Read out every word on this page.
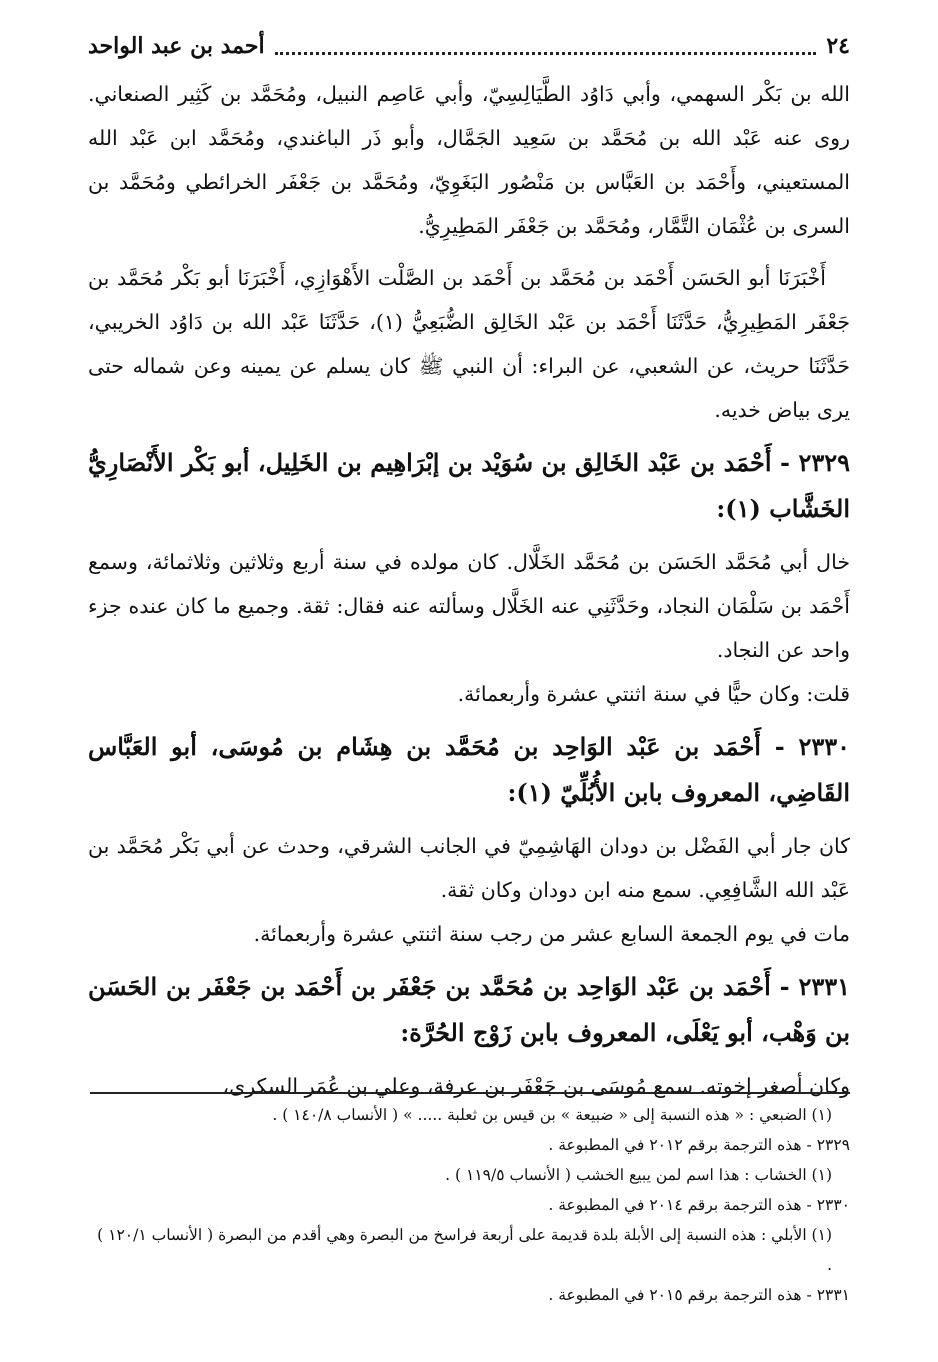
٢٤
أحمد بن عبد الواحد

الله بن بَكْر السهمي، وأبي دَاوُد الطَّيَالِسِيّ، وأبي عَاصِم النبيل، ومُحَمَّد بن كَثِير الصنعاني. روى عنه عَبْد الله بن مُحَمَّد بن سَعِيد الجَمَّال، وأبو ذَر الباغندي، ومُحَمَّد ابن عَبْد الله المستعيني، وأَحْمَد بن العَبَّاس بن مَنْصُور البَغَوِيّ، ومُحَمَّد بن جَعْفَر الخرائطي ومُحَمَّد بن السرى بن عُثْمَان التَّمَّار، ومُحَمَّد بن جَعْفَر المَطِيرِيُّ.

أَخْبَرَنَا أبو الحَسَن أَحْمَد بن مُحَمَّد بن أَحْمَد بن الصَّلْت الأَهْوَازِي، أَخْبَرَنَا أبو بَكْر مُحَمَّد بن جَعْفَر المَطِيرِيُّ، حَدَّثَنَا أَحْمَد بن عَبْد الخَالِق الضُّبَعِيُّ (١)، حَدَّثَنَا عَبْد الله بن دَاوُد الخريبي، حَدَّثَنَا حريث، عن الشعبي، عن البراء: أن النبي ﷺ كان يسلم عن يمينه وعن شماله حتى يرى بياض خديه.

٢٣٢٩ - أَحْمَد بن عَبْد الخَالِق بن سُوَيْد بن إبْرَاهِيم بن الخَلِيل، أبو بَكْر الأَنْصَارِيُّ الخَشَّاب (١):

خال أبي مُحَمَّد الحَسَن بن مُحَمَّد الخَلَّال. كان مولده في سنة أربع وثلاثين وثلاثمائة، وسمع أَحْمَد بن سَلْمَان النجاد، وحَدَّثَنِي عنه الخَلَّال وسألته عنه فقال: ثقة. وجميع ما كان عنده جزء واحد عن النجاد.

قلت: وكان حيًّا في سنة اثنتي عشرة وأربعمائة.

٢٣٣٠ - أَحْمَد بن عَبْد الوَاحِد بن مُحَمَّد بن هِشَام بن مُوسَى، أبو العَبَّاس القَاضِي، المعروف بابن الأُبُلِّيّ (١):

كان جار أبي الفَضْل بن دودان الهَاشِمِيّ في الجانب الشرقي، وحدث عن أبي بَكْر مُحَمَّد بن عَبْد الله الشَّافِعِي. سمع منه ابن دودان وكان ثقة.

مات في يوم الجمعة السابع عشر من رجب سنة اثنتي عشرة وأربعمائة.

٢٣٣١ - أَحْمَد بن عَبْد الوَاحِد بن مُحَمَّد بن جَعْفَر بن أَحْمَد بن جَعْفَر بن الحَسَن بن وَهْب، أبو يَعْلَى، المعروف بابن زَوْج الحُرَّة:

وكان أصغر إخوته. سمع مُوسَى بن جَعْفَر بن عرفة، وعلي بن عُمَر السكرى،

(١) الضبعي : « هذه النسبة إلى « ضبيعة » بن قيس بن ثعلبة ..... » ( الأنساب ١٤٠/٨ ) .

٢٣٢٩ - هذه الترجمة برقم ٢٠١٢ في المطبوعة .

(١) الخشاب : هذا اسم لمن يبيع الخشب ( الأنساب ١١٩/٥ ) .

٢٣٣٠ - هذه الترجمة برقم ٢٠١٤ في المطبوعة .

(١) الأبلي : هذه النسبة إلى الأبلة بلدة قديمة على أربعة فراسخ من البصرة وهي أقدم من البصرة ( الأنساب ١٢٠/١ ) .

٢٣٣١ - هذه الترجمة برقم ٢٠١٥ في المطبوعة .
